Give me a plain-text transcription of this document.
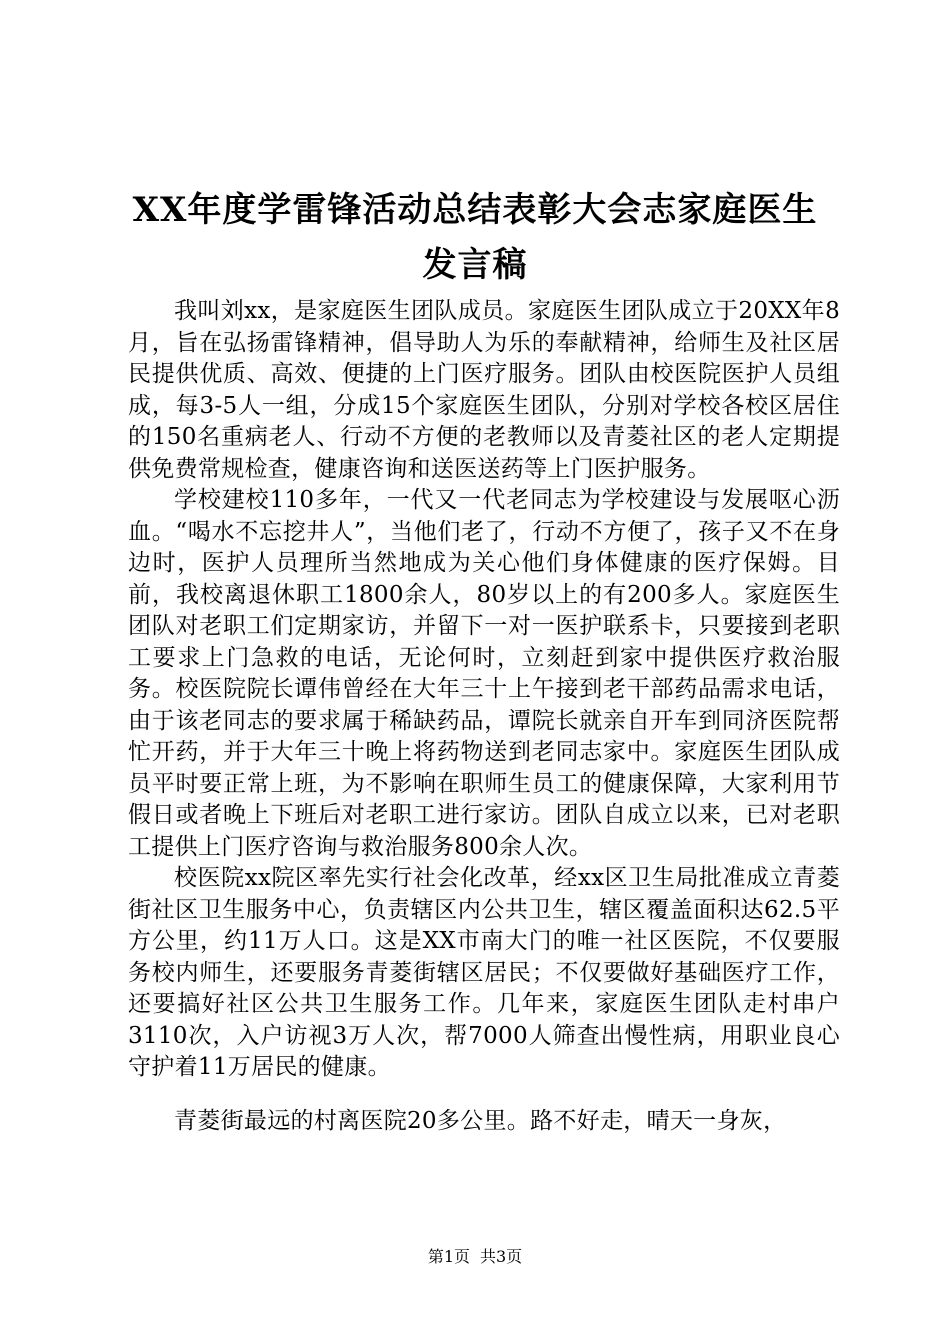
XX年度学雷锋活动总结表彰大会志家庭医生
发言稿

我叫刘xx，是家庭医生团队成员。家庭医生团队成立于20XX年8月，旨在弘扬雷锋精神，倡导助人为乐的奉献精神，给师生及社区居民提供优质、高效、便捷的上门医疗服务。团队由校医院医护人员组成，每3-5人一组，分成15个家庭医生团队，分别对学校各校区居住的150名重病老人、行动不方便的老教师以及青菱社区的老人定期提供免费常规检查，健康咨询和送医送药等上门医护服务。

学校建校110多年，一代又一代老同志为学校建设与发展呕心沥血。“喝水不忘挖井人”，当他们老了，行动不方便了，孩子又不在身边时，医护人员理所当然地成为关心他们身体健康的医疗保姆。目前，我校离退休职工1800余人，80岁以上的有200多人。家庭医生团队对老职工们定期家访，并留下一对一医护联系卡，只要接到老职工要求上门急救的电话，无论何时，立刻赶到家中提供医疗救治服务。校医院院长谭伟曾经在大年三十上午接到老干部药品需求电话，由于该老同志的要求属于稀缺药品，谭院长就亲自开车到同济医院帮忙开药，并于大年三十晚上将药物送到老同志家中。家庭医生团队成员平时要正常上班，为不影响在职师生员工的健康保障，大家利用节假日或者晚上下班后对老职工进行家访。团队自成立以来，已对老职工提供上门医疗咨询与救治服务800余人次。

校医院xx院区率先实行社会化改革，经xx区卫生局批准成立青菱街社区卫生服务中心，负责辖区内公共卫生，辖区覆盖面积达62.5平方公里，约11万人口。这是XX市南大门的唯一社区医院，不仅要服务校内师生，还要服务青菱街辖区居民；不仅要做好基础医疗工作，还要搞好社区公共卫生服务工作。几年来，家庭医生团队走村串户3110次，入户访视3万人次，帮7000人筛查出慢性病，用职业良心守护着11万居民的健康。

青菱街最远的村离医院20多公里。路不好走，晴天一身灰，

第1页 共3页
